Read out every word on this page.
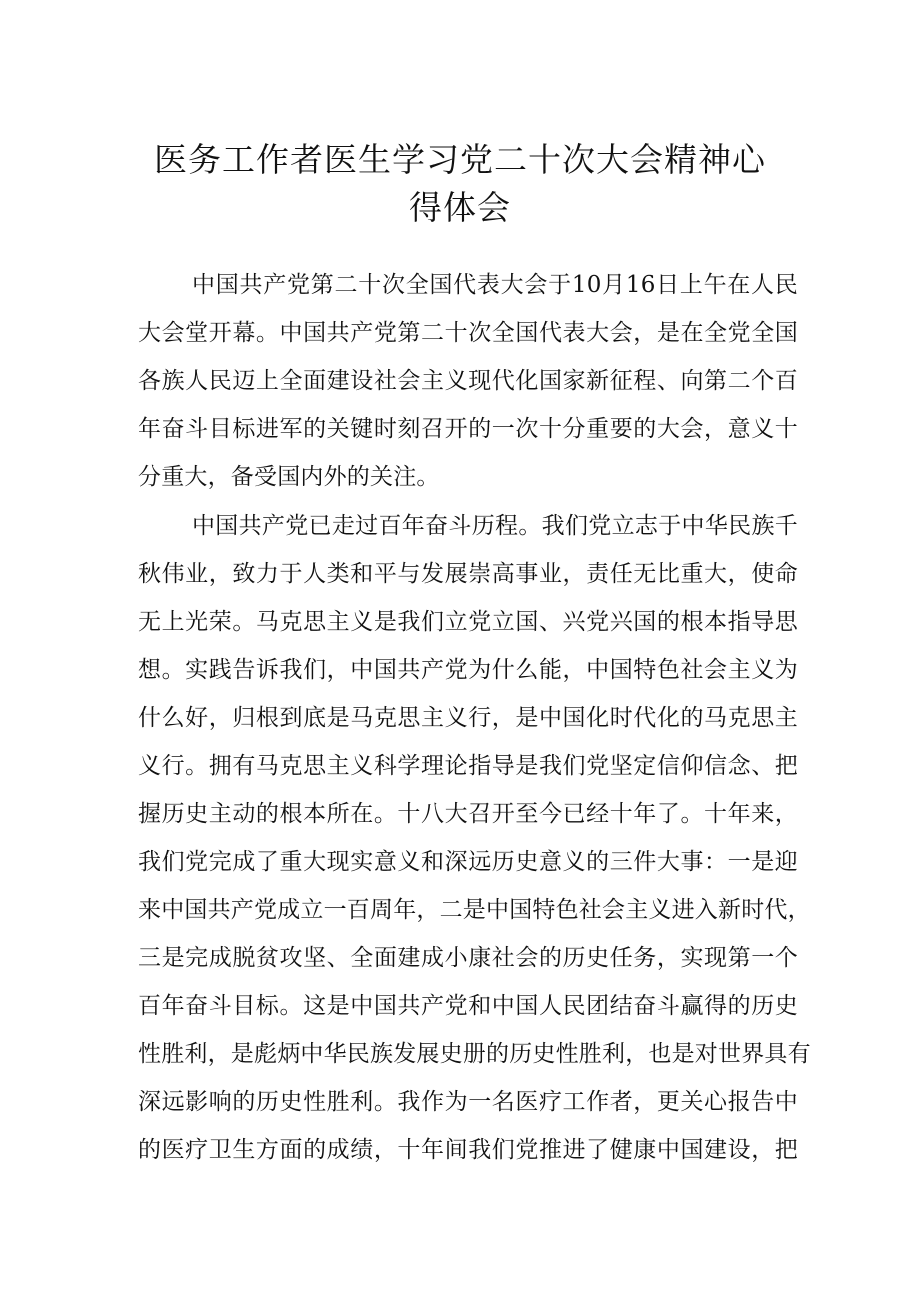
医务工作者医生学习党二十次大会精神心
得体会
中国共产党第二十次全国代表大会于10月16日上午在人民
大会堂开幕。中国共产党第二十次全国代表大会，是在全党全国
各族人民迈上全面建设社会主义现代化国家新征程、向第二个百
年奋斗目标进军的关键时刻召开的一次十分重要的大会，意义十
分重大，备受国内外的关注。
中国共产党已走过百年奋斗历程。我们党立志于中华民族千
秋伟业，致力于人类和平与发展崇高事业，责任无比重大，使命
无上光荣。马克思主义是我们立党立国、兴党兴国的根本指导思
想。实践告诉我们，中国共产党为什么能，中国特色社会主义为
什么好，归根到底是马克思主义行，是中国化时代化的马克思主
义行。拥有马克思主义科学理论指导是我们党坚定信仰信念、把
握历史主动的根本所在。十八大召开至今已经十年了。十年来，
我们党完成了重大现实意义和深远历史意义的三件大事：一是迎
来中国共产党成立一百周年，二是中国特色社会主义进入新时代，
三是完成脱贫攻坚、全面建成小康社会的历史任务，实现第一个
百年奋斗目标。这是中国共产党和中国人民团结奋斗赢得的历史
性胜利，是彪炳中华民族发展史册的历史性胜利，也是对世界具有
深远影响的历史性胜利。我作为一名医疗工作者，更关心报告中
的医疗卫生方面的成绩，十年间我们党推进了健康中国建设，把
